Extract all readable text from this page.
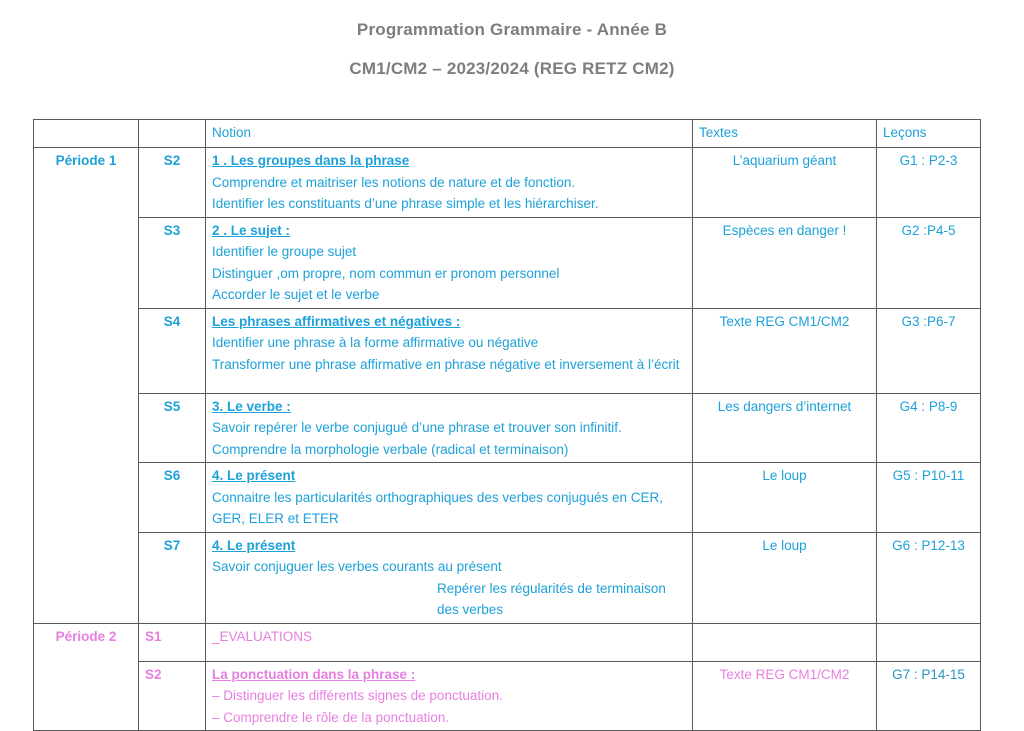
Programmation Grammaire - Année B
CM1/CM2 – 2023/2024 (REG RETZ CM2)
		Notion	Textes	Leçons
Période 1	S2	1 . Les groupes dans la phrase
Comprendre et maitriser les notions de nature et de fonction.
Identifier les constituants d’une phrase simple et les hiérarchiser.	L’aquarium géant	G1 : P2-3
	S3	2 . Le sujet :
Identifier le groupe sujet
Distinguer ,om propre, nom commun er pronom personnel
Accorder le sujet et le verbe	Espèces en danger !	G2 :P4-5
	S4	Les phrases affirmatives et négatives :
Identifier une phrase à la forme affirmative ou négative
Transformer une phrase affirmative en phrase négative et inversement à l’écrit	Texte REG CM1/CM2	G3 :P6-7
	S5	3. Le verbe :
Savoir repérer le verbe conjugué d’une phrase et trouver son infinitif.
Comprendre la morphologie verbale (radical et terminaison)	Les dangers d’internet	G4 : P8-9
	S6	4. Le présent
Connaitre les particularités orthographiques des verbes conjugués en CER, GER, ELER et ETER	Le loup	G5 : P10-11
	S7	4. Le présent
Savoir conjuguer les verbes courants au présent
Repérer les régularités de terminaison des verbes	Le loup	G6 : P12-13
Période 2	S1	_EVALUATIONS		

	S2	La ponctuation dans la phrase :
– Distinguer les différents signes de ponctuation.
– Comprendre le rôle de la ponctuation.	Texte REG CM1/CM2	G7 : P14-15
